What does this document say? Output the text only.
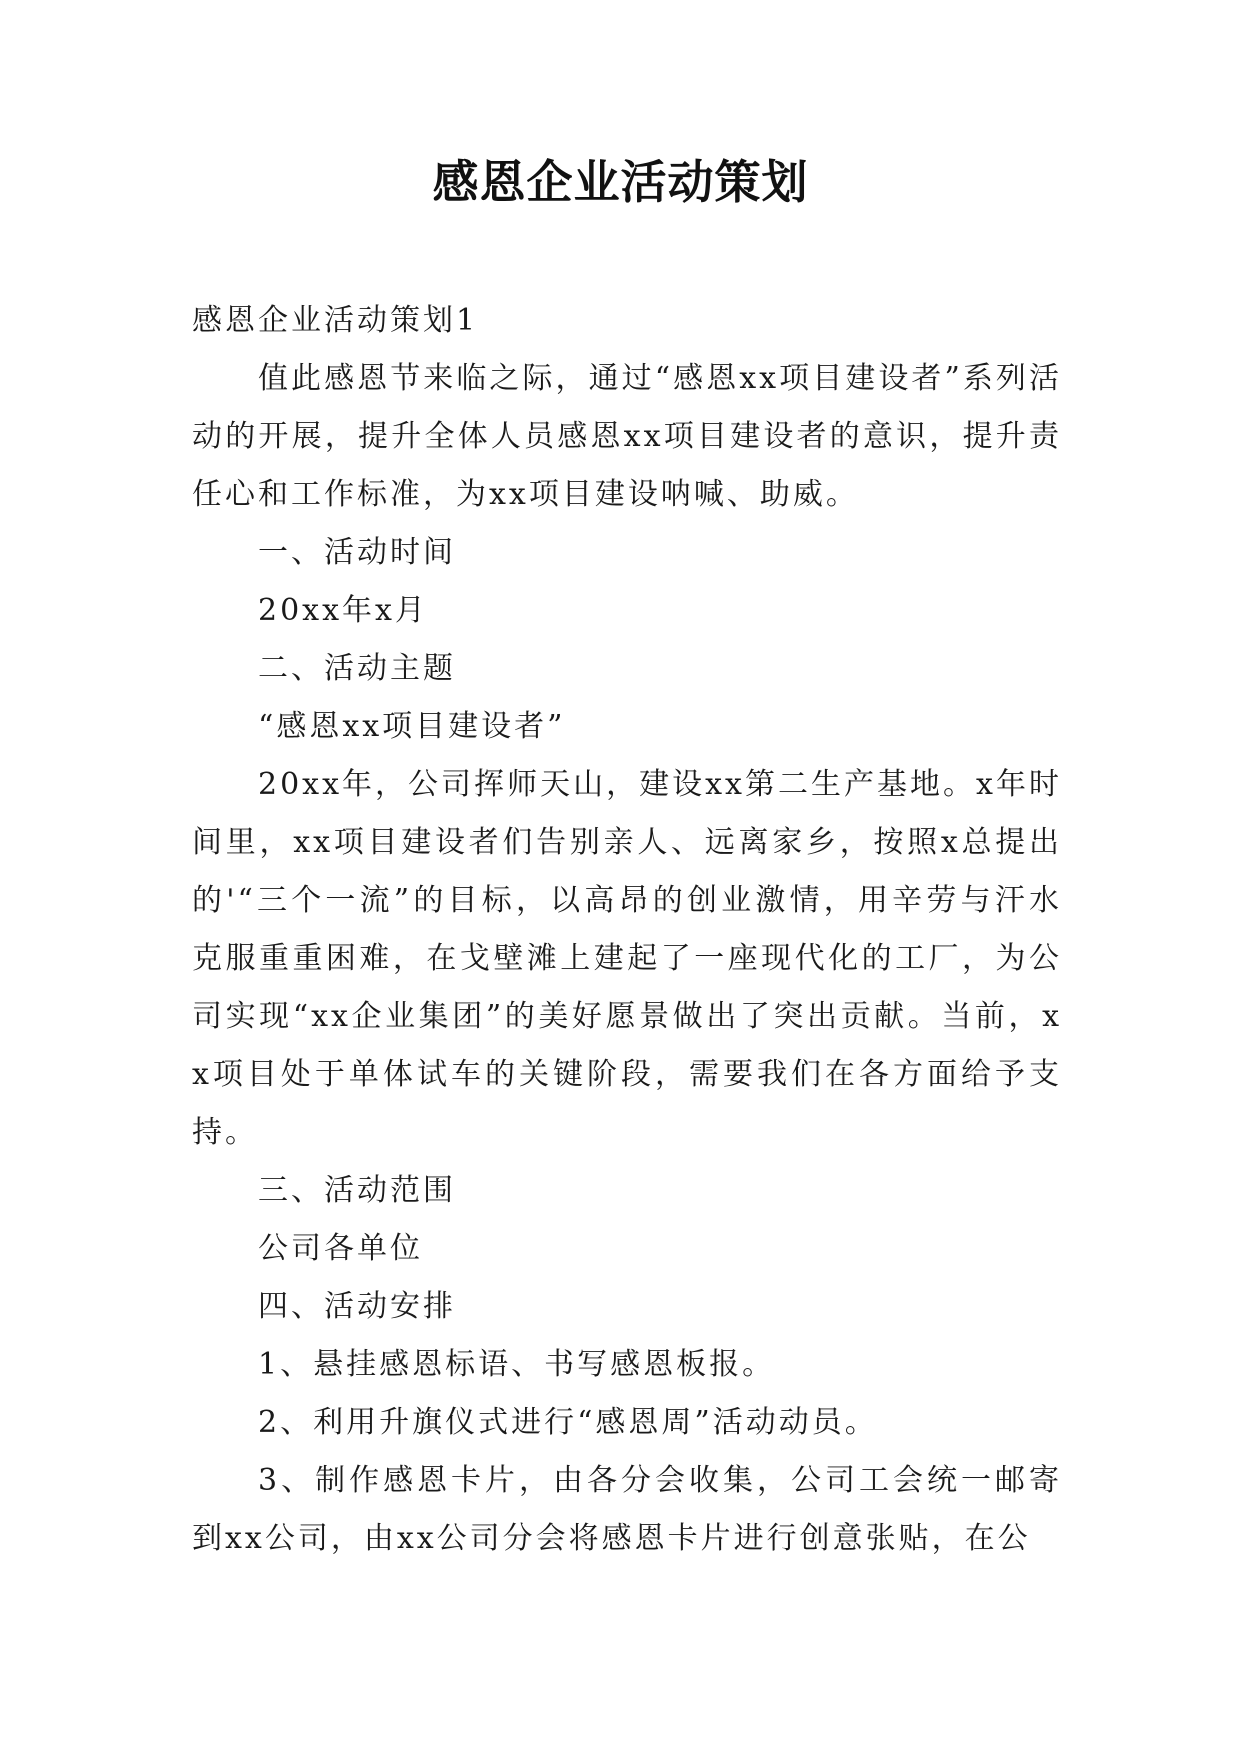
感恩企业活动策划

感恩企业活动策划1

值此感恩节来临之际，通过“感恩xx项目建设者”系列活动的开展，提升全体人员感恩xx项目建设者的意识，提升责任心和工作标准，为xx项目建设呐喊、助威。

一、活动时间

20xx年x月

二、活动主题

“感恩xx项目建设者”

20xx年，公司挥师天山，建设xx第二生产基地。x年时间里，xx项目建设者们告别亲人、远离家乡，按照x总提出的'“三个一流”的目标，以高昂的创业激情，用辛劳与汗水克服重重困难，在戈壁滩上建起了一座现代化的工厂，为公司实现“xx企业集团”的美好愿景做出了突出贡献。当前，xx项目处于单体试车的关键阶段，需要我们在各方面给予支持。

三、活动范围

公司各单位

四、活动安排

1、悬挂感恩标语、书写感恩板报。

2、利用升旗仪式进行“感恩周”活动动员。

3、制作感恩卡片，由各分会收集，公司工会统一邮寄到xx公司，由xx公司分会将感恩卡片进行创意张贴，在公
